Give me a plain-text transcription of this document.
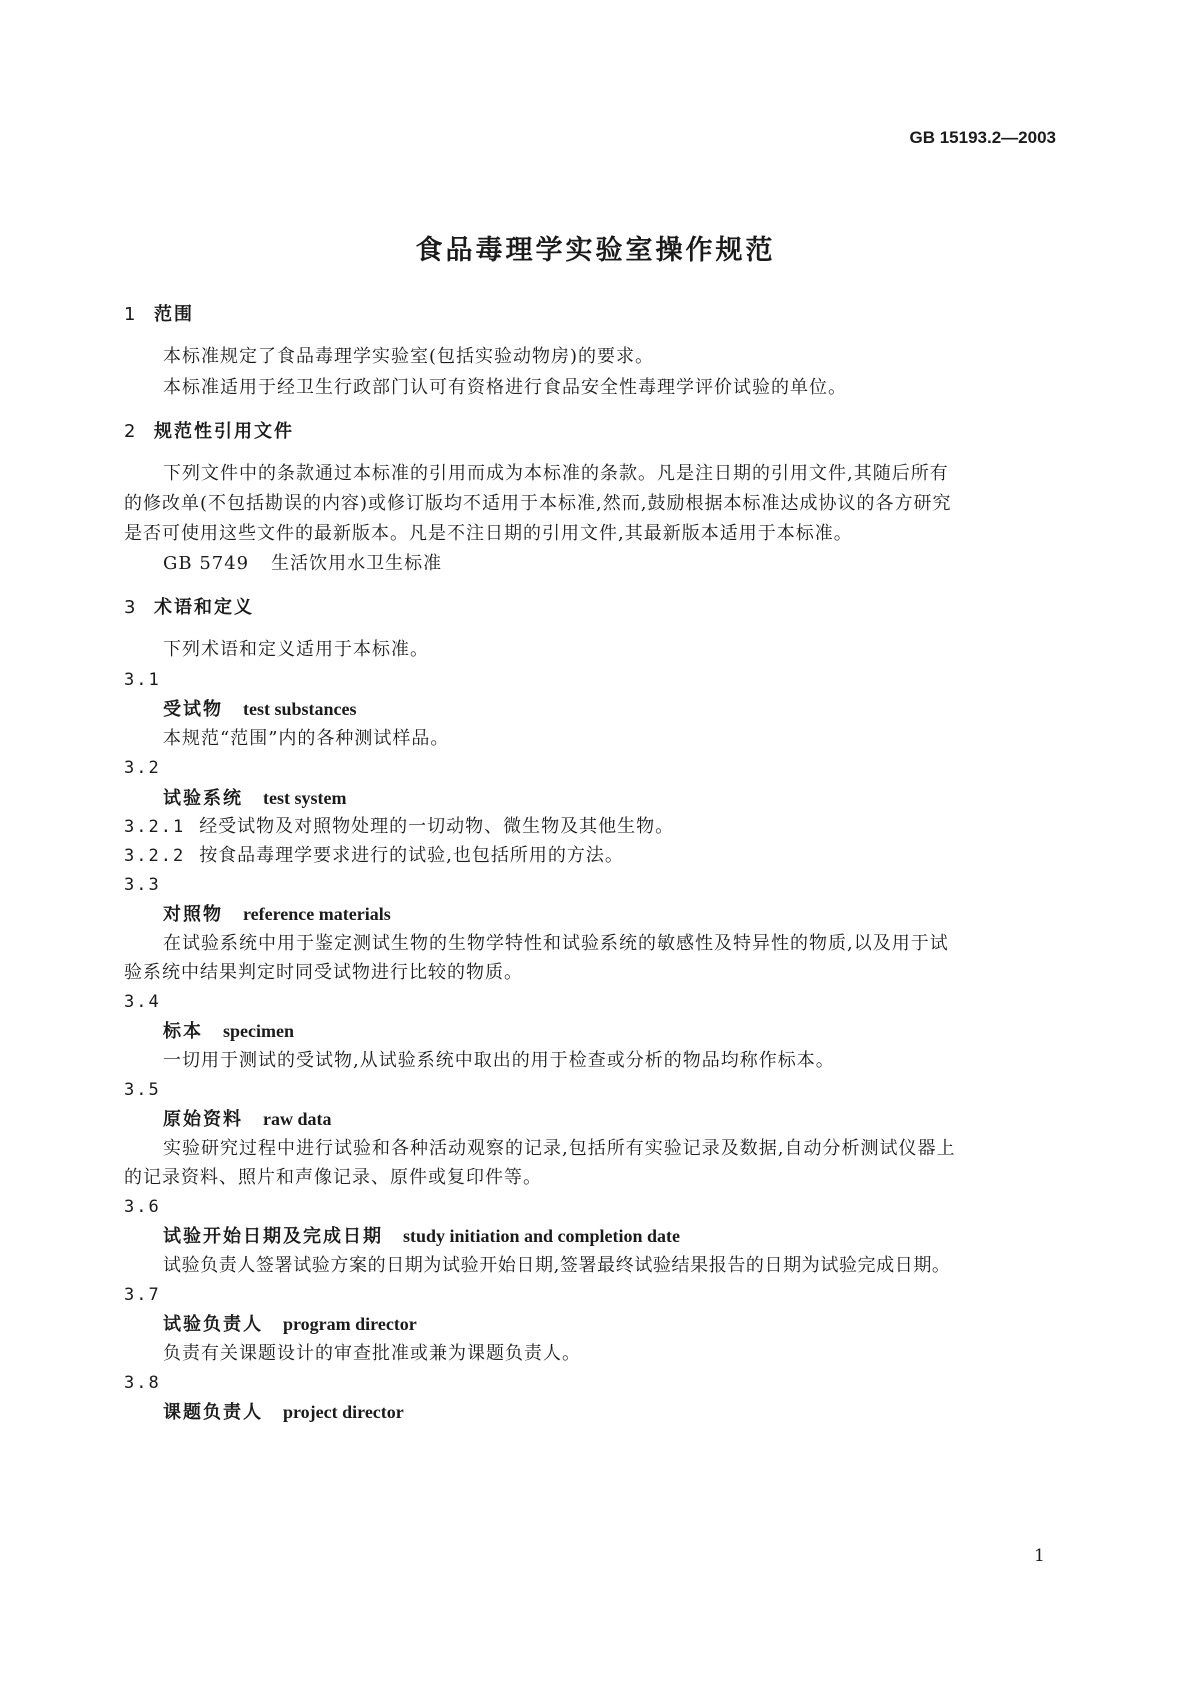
GB 15193.2—2003
食品毒理学实验室操作规范
1 范围
本标准规定了食品毒理学实验室(包括实验动物房)的要求。
本标准适用于经卫生行政部门认可有资格进行食品安全性毒理学评价试验的单位。
2 规范性引用文件
下列文件中的条款通过本标准的引用而成为本标准的条款。凡是注日期的引用文件,其随后所有
的修改单(不包括勘误的内容)或修订版均不适用于本标准,然而,鼓励根据本标准达成协议的各方研究
是否可使用这些文件的最新版本。凡是不注日期的引用文件,其最新版本适用于本标准。
GB 5749 生活饮用水卫生标准
3 术语和定义
下列术语和定义适用于本标准。
3.1
受试物 test substances
本规范“范围”内的各种测试样品。
3.2
试验系统 test system
3.2.1 经受试物及对照物处理的一切动物、微生物及其他生物。
3.2.2 按食品毒理学要求进行的试验,也包括所用的方法。
3.3
对照物 reference materials
在试验系统中用于鉴定测试生物的生物学特性和试验系统的敏感性及特异性的物质,以及用于试
验系统中结果判定时同受试物进行比较的物质。
3.4
标本 specimen
一切用于测试的受试物,从试验系统中取出的用于检查或分析的物品均称作标本。
3.5
原始资料 raw data
实验研究过程中进行试验和各种活动观察的记录,包括所有实验记录及数据,自动分析测试仪器上
的记录资料、照片和声像记录、原件或复印件等。
3.6
试验开始日期及完成日期 study initiation and completion date
试验负责人签署试验方案的日期为试验开始日期,签署最终试验结果报告的日期为试验完成日期。
3.7
试验负责人 program director
负责有关课题设计的审查批准或兼为课题负责人。
3.8
课题负责人 project director
1
